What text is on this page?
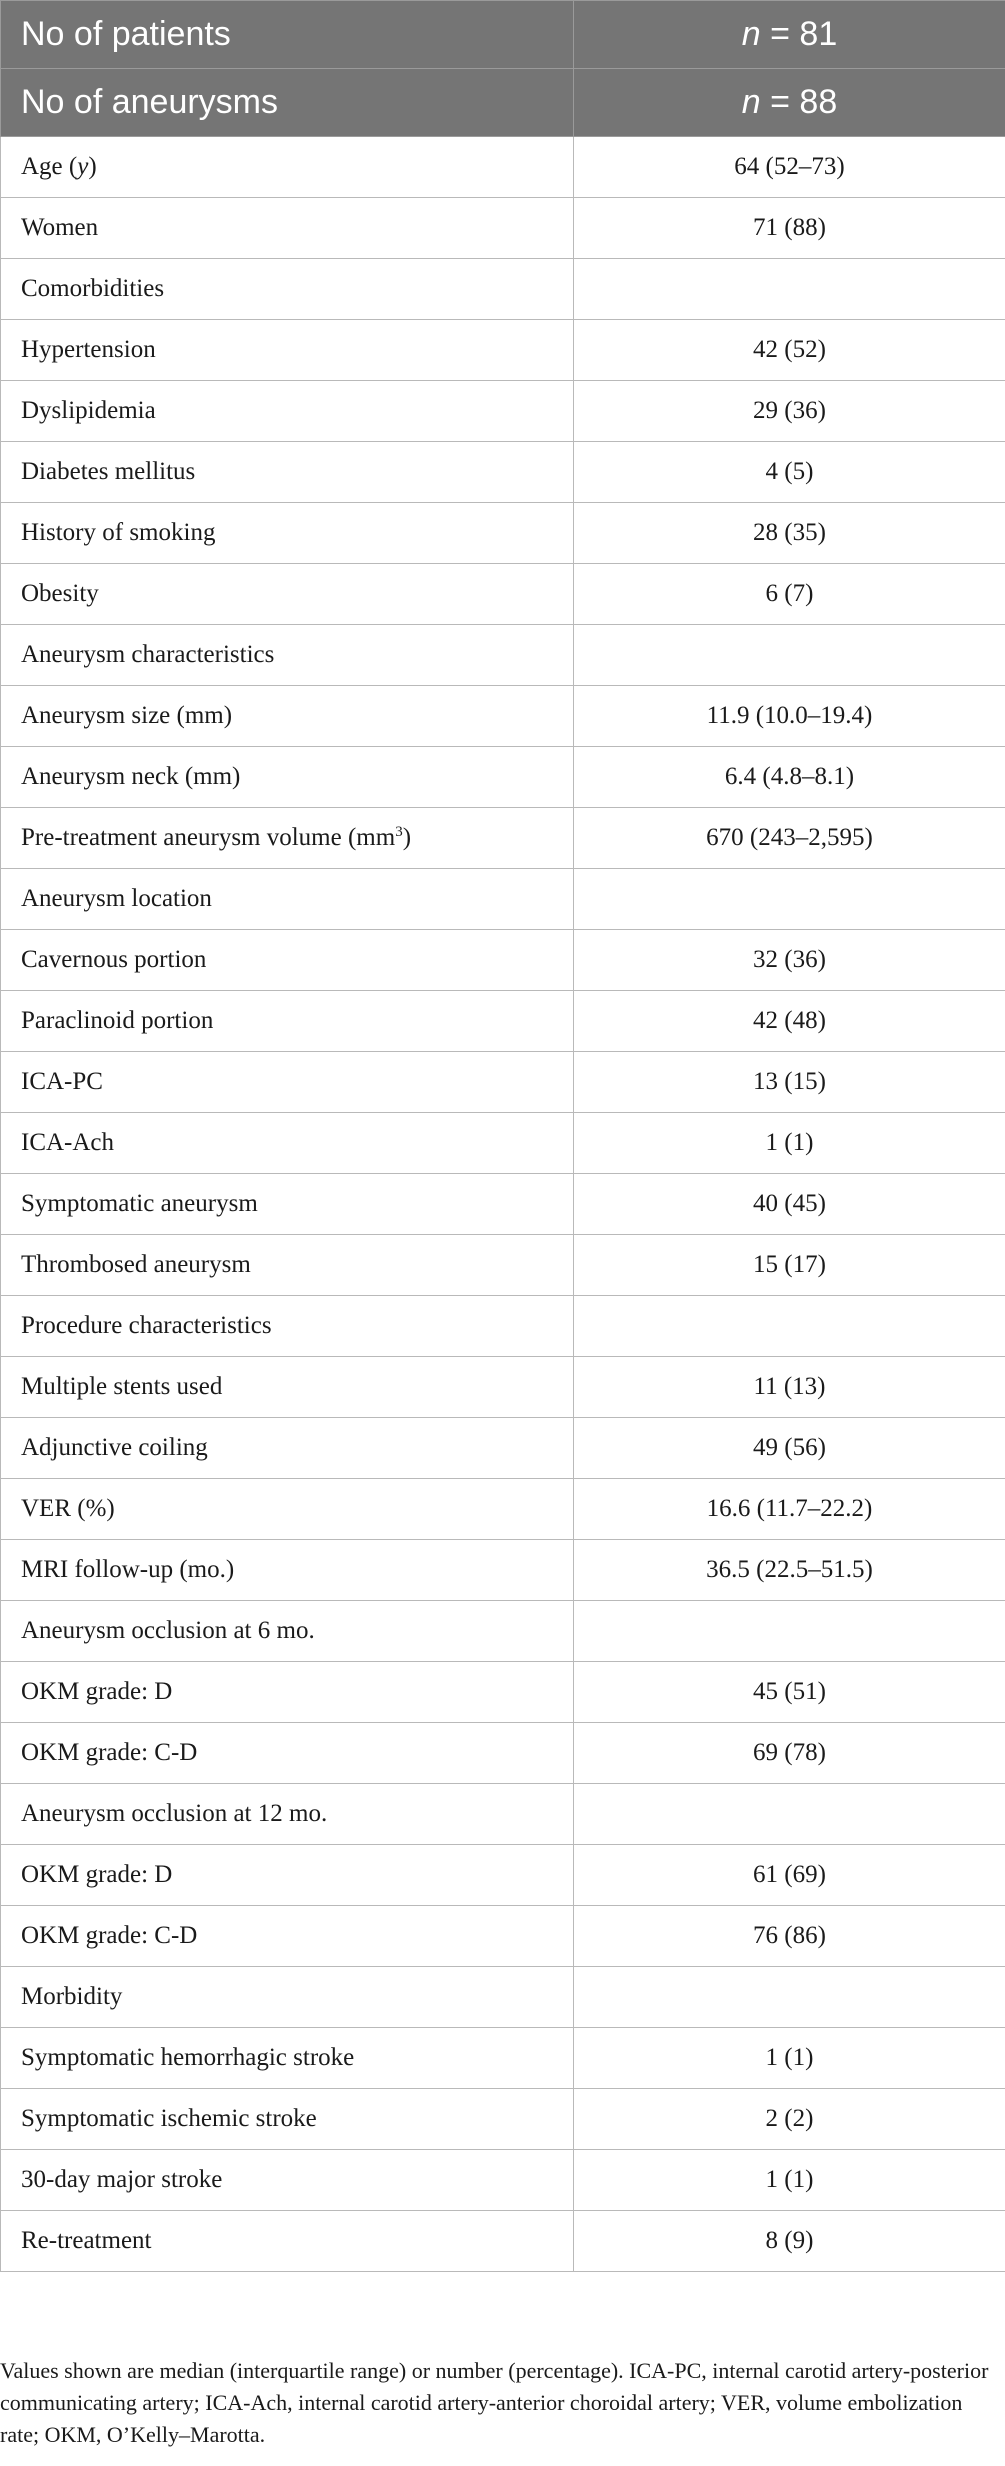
No of patients	n = 81
No of aneurysms	n = 88
Age (y)	64 (52–73)
Women	71 (88)
Comorbidities	
Hypertension	42 (52)
Dyslipidemia	29 (36)
Diabetes mellitus	4 (5)
History of smoking	28 (35)
Obesity	6 (7)
Aneurysm characteristics	
Aneurysm size (mm)	11.9 (10.0–19.4)
Aneurysm neck (mm)	6.4 (4.8–8.1)
Pre-treatment aneurysm volume $(mm^3)$	670 (243–2,595)
Aneurysm location	
Cavernous portion	32 (36)
Paraclinoid portion	42 (48)
ICA-PC	13 (15)
ICA-Ach	1 (1)
Symptomatic aneurysm	40 (45)
Thrombosed aneurysm	15 (17)
Procedure characteristics	
Multiple stents used	11 (13)
Adjunctive coiling	49 (56)
VER (%)	16.6 (11.7–22.2)
MRI follow-up (mo.)	36.5 (22.5–51.5)
Aneurysm occlusion at 6 mo.	
OKM grade: D	45 (51)
OKM grade: C-D	69 (78)
Aneurysm occlusion at 12 mo.	
OKM grade: D	61 (69)
OKM grade: C-D	76 (86)
Morbidity	
Symptomatic hemorrhagic stroke	1 (1)
Symptomatic ischemic stroke	2 (2)
30-day major stroke	1 (1)
Re-treatment	8 (9)

Values shown are median (interquartile range) or number (percentage). ICA-PC, internal carotid artery-posterior communicating artery; ICA-Ach, internal carotid artery-anterior choroidal artery; VER, volume embolization rate; OKM, O’Kelly–Marotta.
